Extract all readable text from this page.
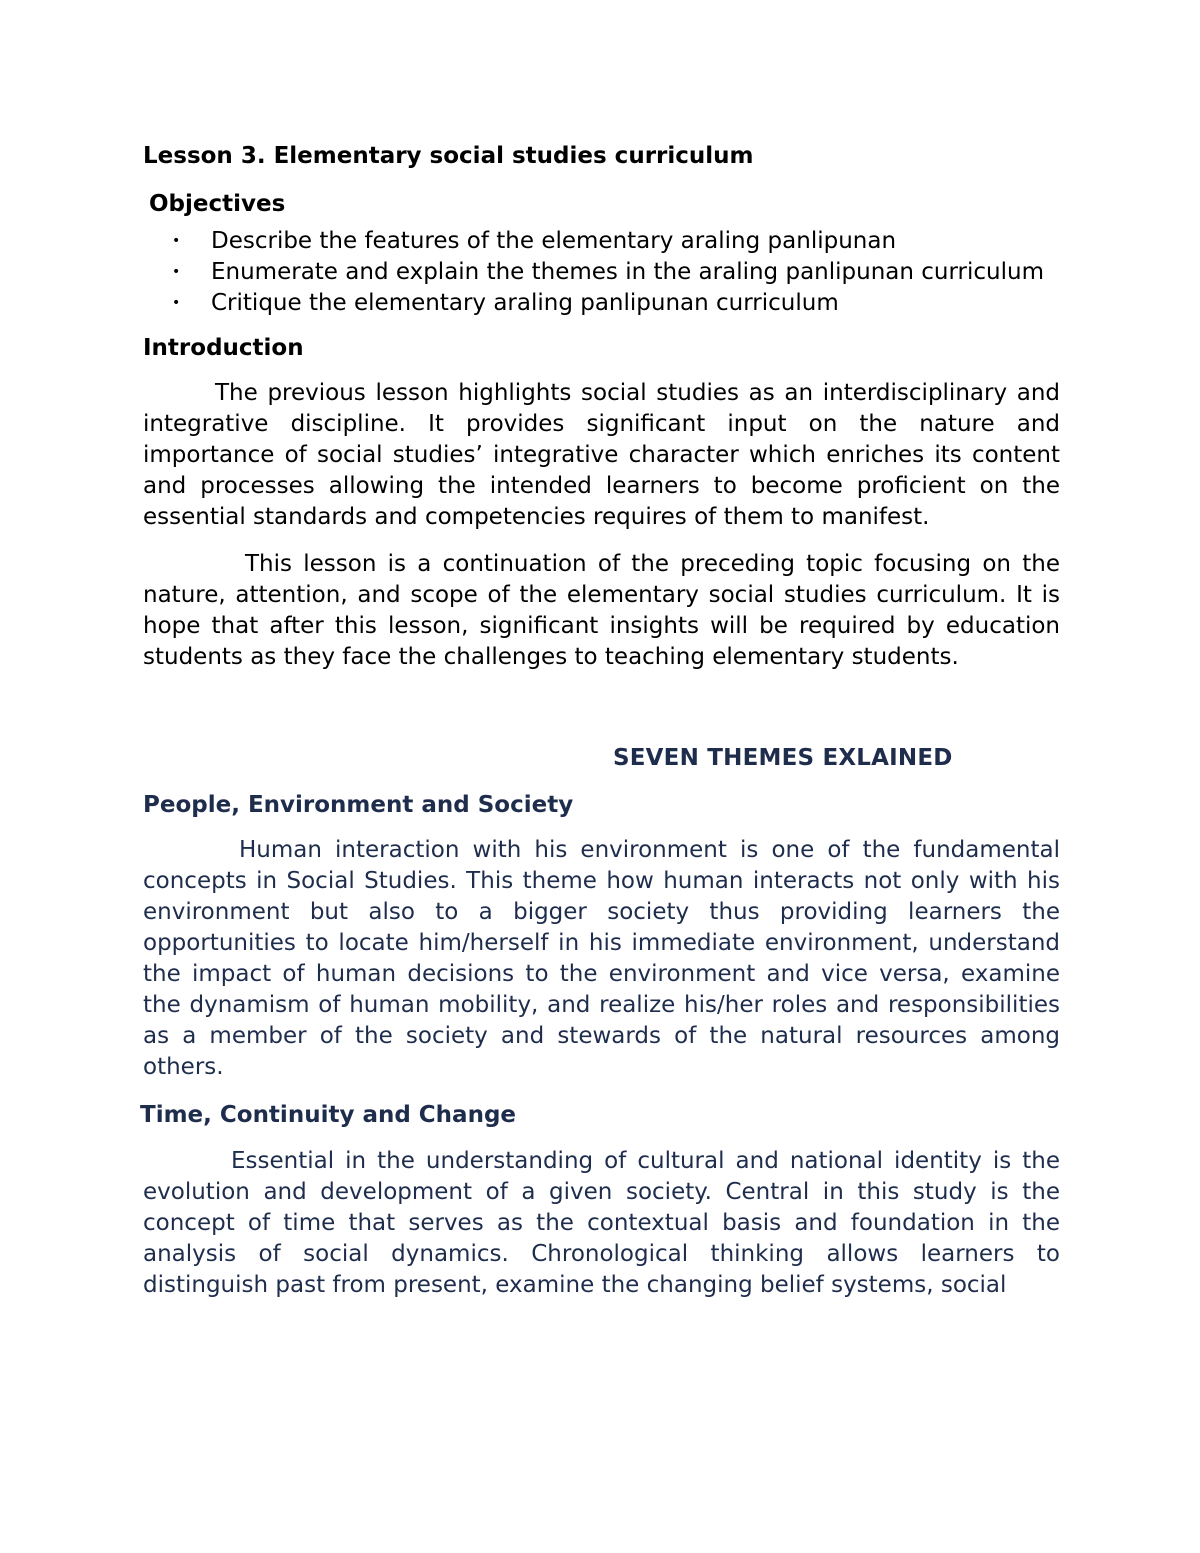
Lesson 3. Elementary social studies curriculum
Objectives
• Describe the features of the elementary araling panlipunan
• Enumerate and explain the themes in the araling panlipunan curriculum
• Critique the elementary araling panlipunan curriculum
Introduction

The previous lesson highlights social studies as an interdisciplinary and integrative discipline. It provides significant input on the nature and importance of social studies’ integrative character which enriches its content and processes allowing the intended learners to become proficient on the essential standards and competencies requires of them to manifest.

This lesson is a continuation of the preceding topic focusing on the nature, attention, and scope of the elementary social studies curriculum. It is hope that after this lesson, significant insights will be required by education students as they face the challenges to teaching elementary students.

SEVEN THEMES EXLAINED
People, Environment and Society

Human interaction with his environment is one of the fundamental concepts in Social Studies. This theme how human interacts not only with his environment but also to a bigger society thus providing learners the opportunities to locate him/herself in his immediate environment, understand the impact of human decisions to the environment and vice versa, examine the dynamism of human mobility, and realize his/her roles and responsibilities as a member of the society and stewards of the natural resources among others.

Time, Continuity and Change

Essential in the understanding of cultural and national identity is the evolution and development of a given society. Central in this study is the concept of time that serves as the contextual basis and foundation in the analysis of social dynamics. Chronological thinking allows learners to distinguish past from present, examine the changing belief systems, social
